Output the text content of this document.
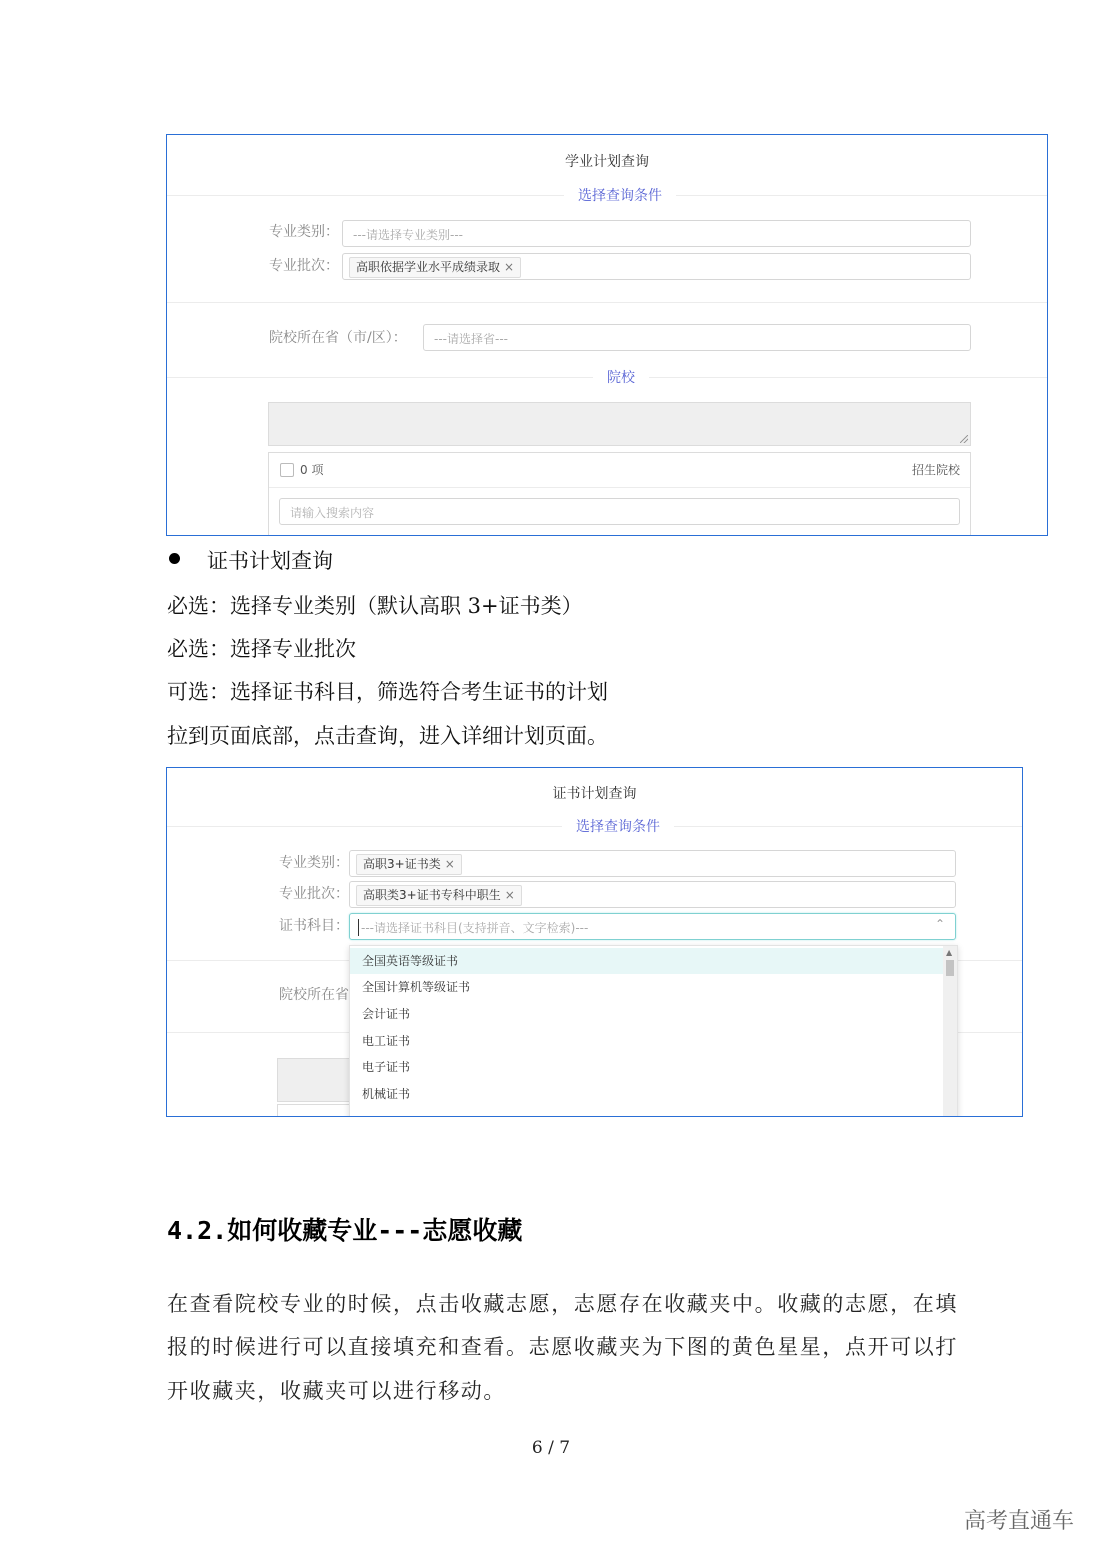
学业计划查询
选择查询条件
专业类别： ---请选择专业类别---
专业批次：	高职依据学业水平成绩录取 ×
院校所在省（市/区）： ---请选择省---
院校
0 项	招生院校
请输入搜索内容
证书计划查询
必选：选择专业类别（默认高职 3+证书类）
必选：选择专业批次
可选：选择证书科目，筛选符合考生证书的计划
拉到页面底部，点击查询，进入详细计划页面。
证书计划查询
选择查询条件
专业类别：	高职3+证书类 ×
专业批次：	高职类3+证书专科中职生 ×
证书科目： ---请选择证书科目(支持拼音、文字检索)---	⌃
院校所在省
全国英语等级证书
全国计算机等级证书
会计证书
电工证书
电子证书
机械证书
▲
4.2.如何收藏专业---志愿收藏
在查看院校专业的时候，点击收藏志愿，志愿存在收藏夹中。收藏的志愿，在填
报的时候进行可以直接填充和查看。志愿收藏夹为下图的黄色星星，点开可以打
开收藏夹，收藏夹可以进行移动。
6 / 7
高考直通车
